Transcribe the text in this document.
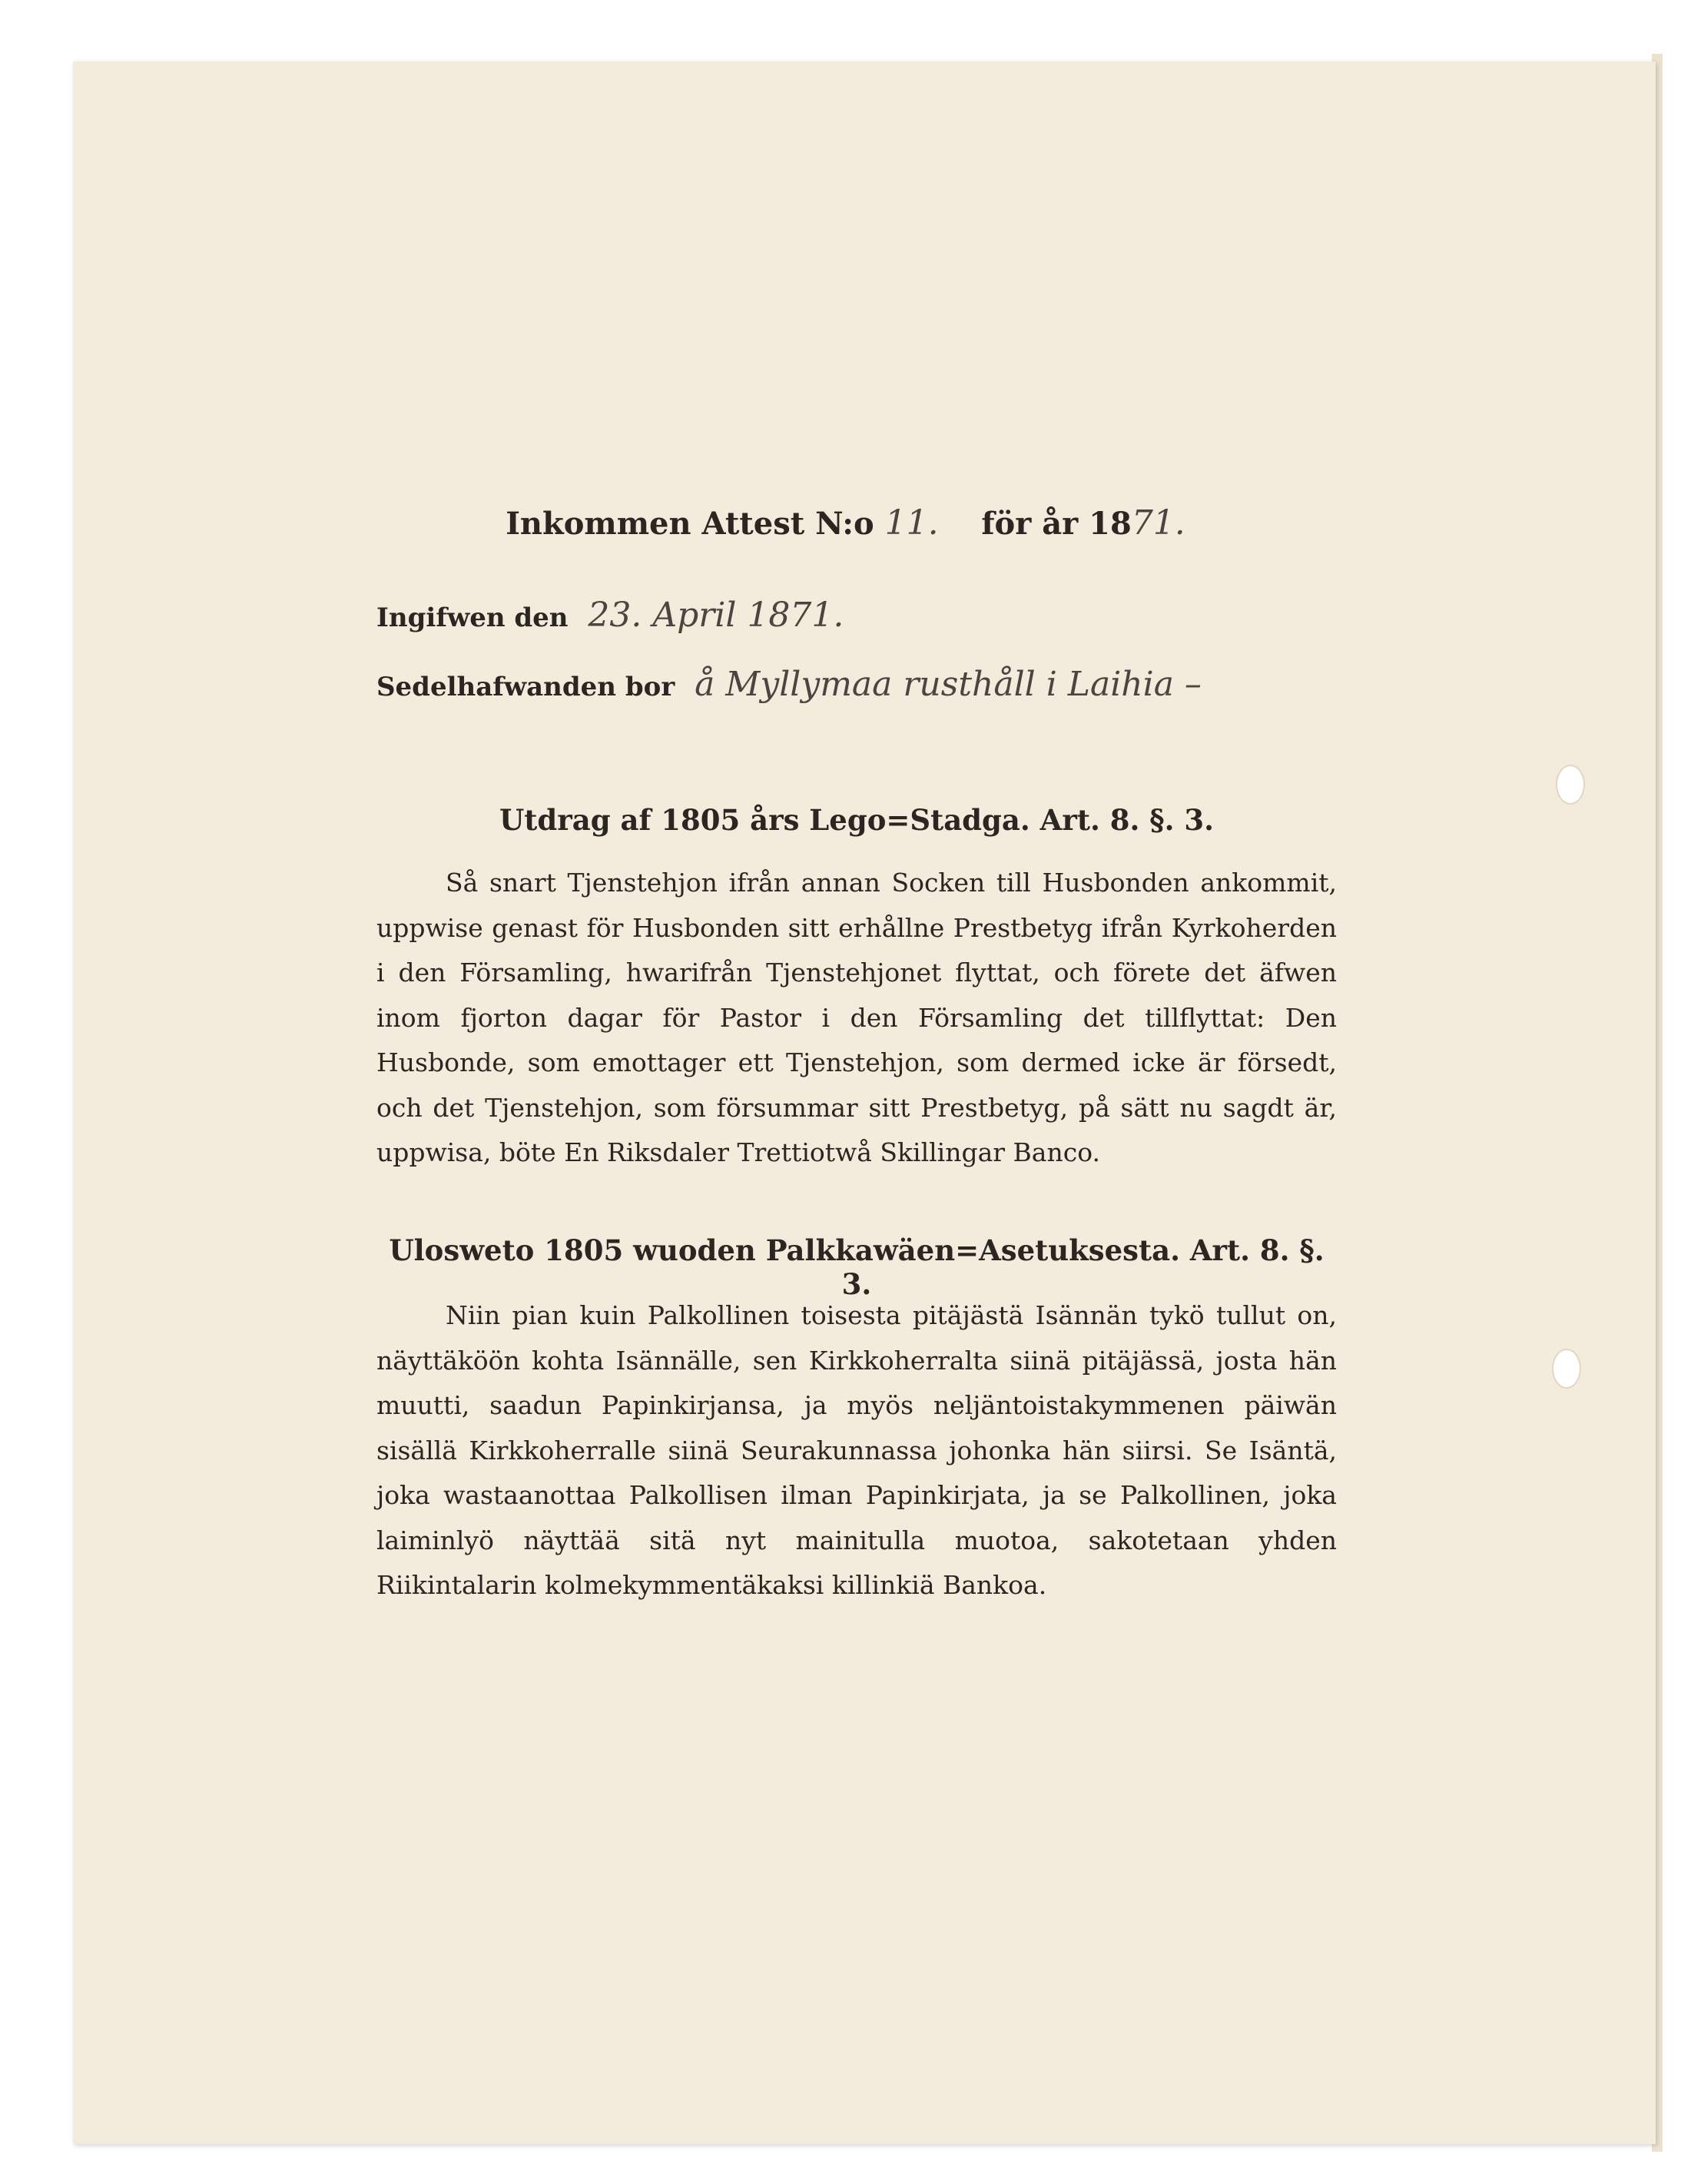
Inkommen Attest N:o 11. för år 1871.
Ingifwen den 23. April 1871.
Sedelhafwanden bor å Myllymaa rusthåll i Laihia –
Utdrag af 1805 års Lego=Stadga. Art. 8. §. 3.
Så snart Tjenstehjon ifrån annan Socken till Husbonden ankommit, uppwise genast för Husbonden sitt erhållne Prestbetyg ifrån Kyrkoherden i den Församling, hwarifrån Tjenstehjonet flyttat, och förete det äfwen inom fjorton dagar för Pastor i den Församling det tillflyttat: Den Husbonde, som emottager ett Tjenstehjon, som dermed icke är försedt, och det Tjenstehjon, som försummar sitt Prestbetyg, på sätt nu sagdt är, uppwisa, böte En Riksdaler Trettiotwå Skillingar Banco.
Ulosweto 1805 wuoden Palkkawäen=Asetuksesta. Art. 8. §. 3.
Niin pian kuin Palkollinen toisesta pitäjästä Isännän tykö tullut on, näyttäköön kohta Isännälle, sen Kirkkoherralta siinä pitäjässä, josta hän muutti, saadun Papinkirjansa, ja myös neljäntoistakymmenen päiwän sisällä Kirkkoherralle siinä Seurakunnassa johonka hän siirsi. Se Isäntä, joka wastaanottaa Palkollisen ilman Papinkirjata, ja se Palkollinen, joka laiminlyö näyttää sitä nyt mainitulla muotoa, sakotetaan yhden Riikintalarin kolmekymmentäkaksi killinkiä Bankoa.
